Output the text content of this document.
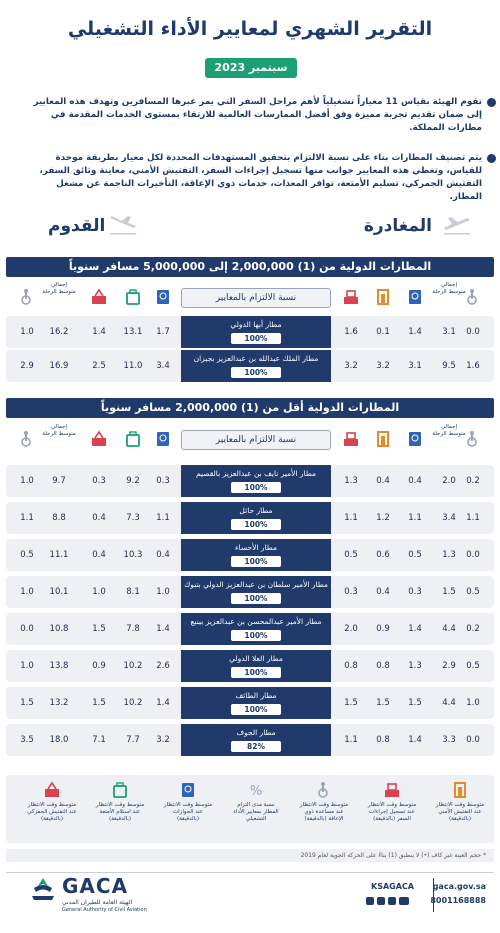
التقرير الشهري لمعايير الأداء التشغيلي
سبتمبر 2023
تقوم الهيئة بقياس 11 معياراً تشغيلياً لأهم مراحل السفر التي يمر عبرها المسافرين وتهدف هذه المعايير إلى ضمان تقديم تجربة مميزة وفق أفضل الممارسات العالمية للارتقاء بمستوى الخدمات المقدمة في مطارات المملكة.
يتم تصنيف المطارات بناء على نسبة الالتزام بتحقيق المستهدفات المحددة لكل معيار بطريقة موحدة للقياس، وتغطي هذه المعايير جوانب منها تسجيل إجراءات السفر، التفتيش الأمني، معاينة وثائق السفر، التفتيش الجمركي، تسليم الأمتعة، توافر المعدات، خدمات ذوي الإعاقة، التأخيرات الناجمة عن مشغل المطار.
المغادرة
القدوم
المطارات الدولية من (1) 2,000,000 إلى 5,000,000 مسافر سنوياً
المطارات الدولية أقل من (1) 2,000,000 مسافر سنوياً
إجمالي متوسط الرحلة
إجمالي متوسط الرحلة
نسبة الالتزام بالمعايير
إجمالي متوسط الرحلة
إجمالي متوسط الرحلة
نسبة الالتزام بالمعايير
1.0	16.2	1.4	13.1	1.7	1.6	0.1	1.4	3.1	0.0
مطار أبها الدولي
100%
2.9	16.9	2.5	11.0	3.4	3.2	3.2	3.1	9.5	1.6
مطار الملك عبدالله بن عبدالعزيز بجيزان
100%
1.0	9.7	0.3	9.2	0.3	1.3	0.4	0.4	2.0	0.2
مطار الأمير نايف بن عبدالعزيز بالقصيم
100%
1.1	8.8	0.4	7.3	1.1	1.1	1.2	1.1	3.4	1.1
مطار حائل
100%
0.5	11.1	0.4	10.3	0.4	0.5	0.6	0.5	1.3	0.0
مطار الأحساء
100%
1.0	10.1	1.0	8.1	1.0	0.3	0.4	0.3	1.5	0.5
مطار الأمير سلطان بن عبدالعزيز الدولي بتبوك
100%
0.0	10.8	1.5	7.8	1.4	2.0	0.9	1.4	4.4	0.2
مطار الأمير عبدالمحسن بن عبدالعزيز بينبع
100%
1.0	13.8	0.9	10.2	2.6	0.8	0.8	1.3	2.9	0.5
مطار العلا الدولي
100%
1.5	13.2	1.5	10.2	1.4	1.5	1.5	1.5	4.4	1.0
مطار الطائف
100%
3.5	18.0	7.1	7.7	3.2	1.1	0.8	1.4	3.3	0.0
مطار الجوف
82%
متوسط وقت الانتظار عند التفتيش الأمني (بالدقيقة)
متوسط وقت الانتظار عند تسجيل إجراءات السفر (بالدقيقة)
متوسط وقت الانتظار عند مساعدة ذوي الإعاقة (بالدقيقة)
%
نسبة مدى التزام المطار بمعايير الأداء التشغيلي
متوسط وقت الانتظار عند الجوازات (بالدقيقة)
متوسط وقت الانتظار عند استلام الأمتعة (بالدقيقة)
متوسط وقت الانتظار عند التفتيش الجمركي (بالدقيقة)
* حجم العينة غير كاف (•) لا ينطبق (1) بناءً على الحركة الجوية لعام 2019
GACA
الهيئة العامة للطيران المدني
General Authority of Civil Aviation
KSAGACA gaca.gov.sa
8001168888
